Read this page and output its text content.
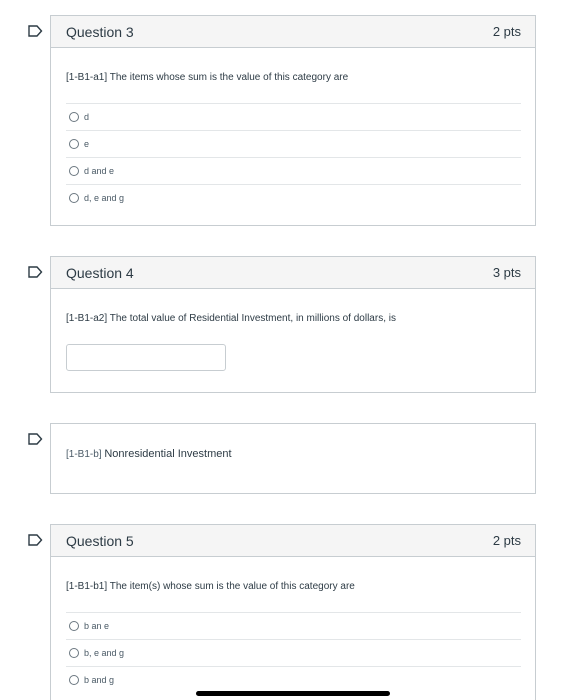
Question 3	2 pts
[1-B1-a1] The items whose sum is the value of this category are
d
e
d and e
d, e and g
Question 4	3 pts
[1-B1-a2] The total value of Residential Investment, in millions of dollars, is
[1-B1-b] Nonresidential Investment
Question 5	2 pts
[1-B1-b1] The item(s) whose sum is the value of this category are
b an e
b, e and g
b and g
